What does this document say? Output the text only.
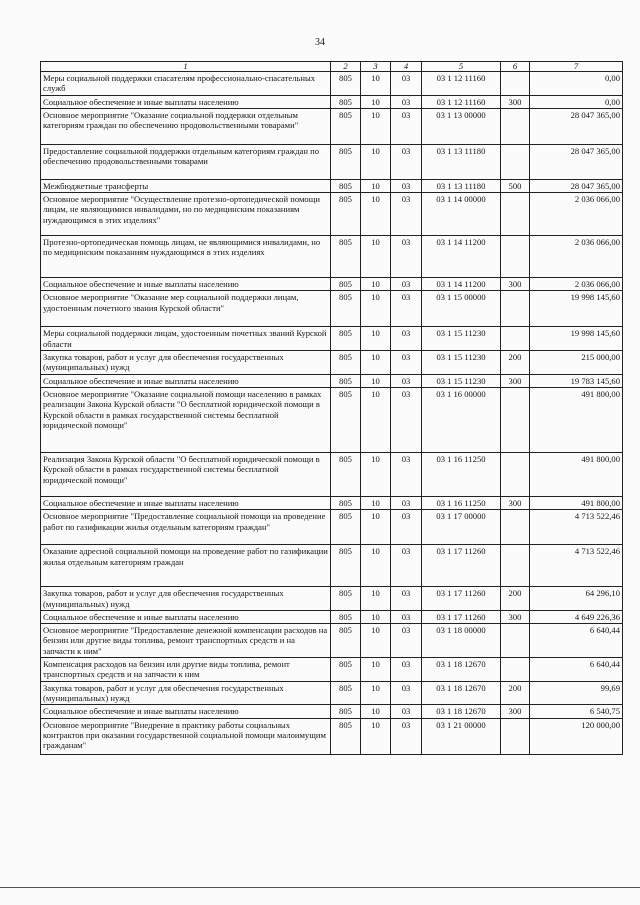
34
1	2	3	4	5	6	7
Меры социальной поддержки спасателям профессионально-спасательных служб	805	10	03	03 1 12 11160		0,00
Социальное обеспечение и иные выплаты населению	805	10	03	03 1 12 11160	300	0,00
Основное мероприятие "Оказание социальной поддержки отдельным категориям граждан по обеспечению продовольственными товарами"	805	10	03	03 1 13 00000		28 047 365,00
Предоставление социальной поддержки отдельным категориям граждан по обеспечению продовольственными товарами	805	10	03	03 1 13 11180		28 047 365,00
Межбюджетные трансферты	805	10	03	03 1 13 11180	500	28 047 365,00
Основное мероприятие "Осуществление протезно-ортопедической помощи лицам, не являющимися инвалидами, но по медицинским показаниям нуждающимся в этих изделиях"	805	10	03	03 1 14 00000		2 036 066,00
Протезно-ортопедическая помощь лицам, не являющимися инвалидами, но по медицинским показаниям нуждающимся в этих изделиях	805	10	03	03 1 14 11200		2 036 066,00
Социальное обеспечение и иные выплаты населению	805	10	03	03 1 14 11200	300	2 036 066,00
Основное мероприятие "Оказание мер социальной поддержки лицам, удостоенным почетного звания Курской области"	805	10	03	03 1 15 00000		19 998 145,60
Меры социальной поддержки лицам, удостоенным почетных званий Курской области	805	10	03	03 1 15 11230		19 998 145,60
Закупка товаров, работ и услуг для обеспечения государственных (муниципальных) нужд	805	10	03	03 1 15 11230	200	215 000,00
Социальное обеспечение и иные выплаты населению	805	10	03	03 1 15 11230	300	19 783 145,60
Основное мероприятие "Оказание социальной помощи населению в рамках реализации Закона Курской области "О бесплатной юридической помощи в Курской области в рамках государственной системы бесплатной юридической помощи"	805	10	03	03 1 16 00000		491 800,00
Реализация Закона Курской области "О бесплатной юридической помощи в Курской области в рамках государственной системы бесплатной юридической помощи"	805	10	03	03 1 16 11250		491 800,00
Социальное обеспечение и иные выплаты населению	805	10	03	03 1 16 11250	300	491 800,00
Основное мероприятие "Предоставление социальной помощи на проведение работ по газификации жилья отдельным категориям граждан"	805	10	03	03 1 17 00000		4 713 522,46
Оказание адресной социальной помощи на проведение работ по газификации жилья отдельным категориям граждан	805	10	03	03 1 17 11260		4 713 522,46
Закупка товаров, работ и услуг для обеспечения государственных (муниципальных) нужд	805	10	03	03 1 17 11260	200	64 296,10
Социальное обеспечение и иные выплаты населению	805	10	03	03 1 17 11260	300	4 649 226,36
Основное мероприятие "Предоставление денежной компенсации расходов на бензин или другие виды топлива, ремонт транспортных средств и на запчасти к ним"	805	10	03	03 1 18 00000		6 640,44
Компенсация расходов на бензин или другие виды топлива, ремонт транспортных средств и на запчасти к ним	805	10	03	03 1 18 12670		6 640,44
Закупка товаров, работ и услуг для обеспечения государственных (муниципальных) нужд	805	10	03	03 1 18 12670	200	99,69
Социальное обеспечение и иные выплаты населению	805	10	03	03 1 18 12670	300	6 540,75
Основное мероприятие "Внедрение в практику работы социальных контрактов при оказании государственной социальной помощи малоимущим гражданам"	805	10	03	03 1 21 00000		120 000,00
